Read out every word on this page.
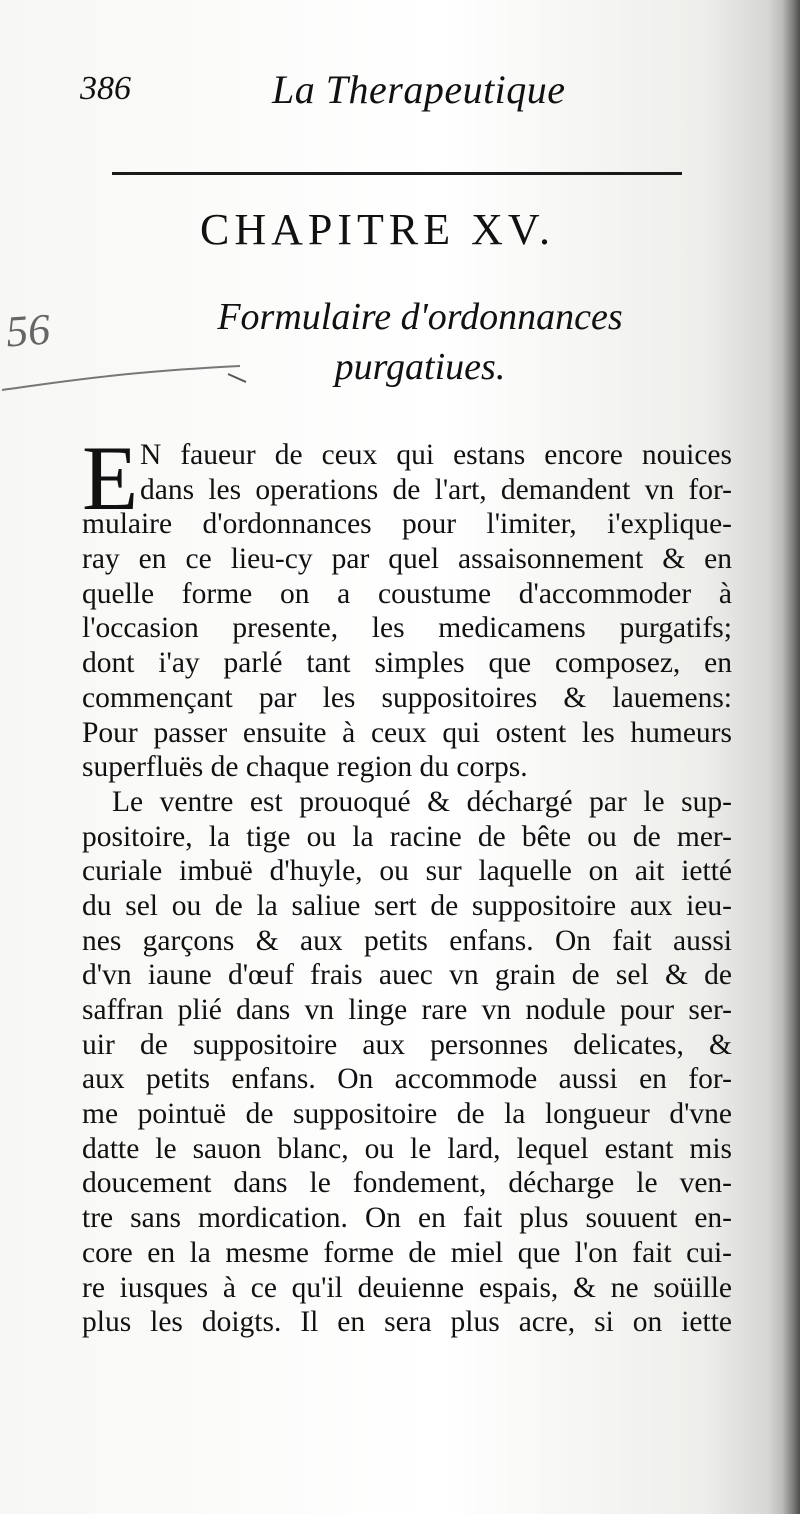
386	La Therapeutique
56
CHAPITRE XV.
Formulaire d'ordonnances
purgatiues.
E N faueur de ceux qui estans encore nouices
dans les operations de l'art, demandent vn for-
mulaire d'ordonnances pour l'imiter, i'explique-
ray en ce lieu-cy par quel assaisonnement & en
quelle forme on a coustume d'accommoder à
l'occasion presente, les medicamens purgatifs;
dont i'ay parlé tant simples que composez, en
commençant par les suppositoires & lauemens:
Pour passer ensuite à ceux qui ostent les humeurs
superfluës de chaque region du corps.
Le ventre est prouoqué & déchargé par le sup-
positoire, la tige ou la racine de bête ou de mer-
curiale imbuë d'huyle, ou sur laquelle on ait ietté
du sel ou de la saliue sert de suppositoire aux ieu-
nes garçons & aux petits enfans. On fait aussi
d'vn iaune d'œuf frais auec vn grain de sel & de
saffran plié dans vn linge rare vn nodule pour ser-
uir de suppositoire aux personnes delicates, &
aux petits enfans. On accommode aussi en for-
me pointuë de suppositoire de la longueur d'vne
datte le sauon blanc, ou le lard, lequel estant mis
doucement dans le fondement, décharge le ven-
tre sans mordication. On en fait plus souuent en-
core en la mesme forme de miel que l'on fait cui-
re iusques à ce qu'il deuienne espais, & ne soüille
plus les doigts. Il en sera plus acre, si on iette
